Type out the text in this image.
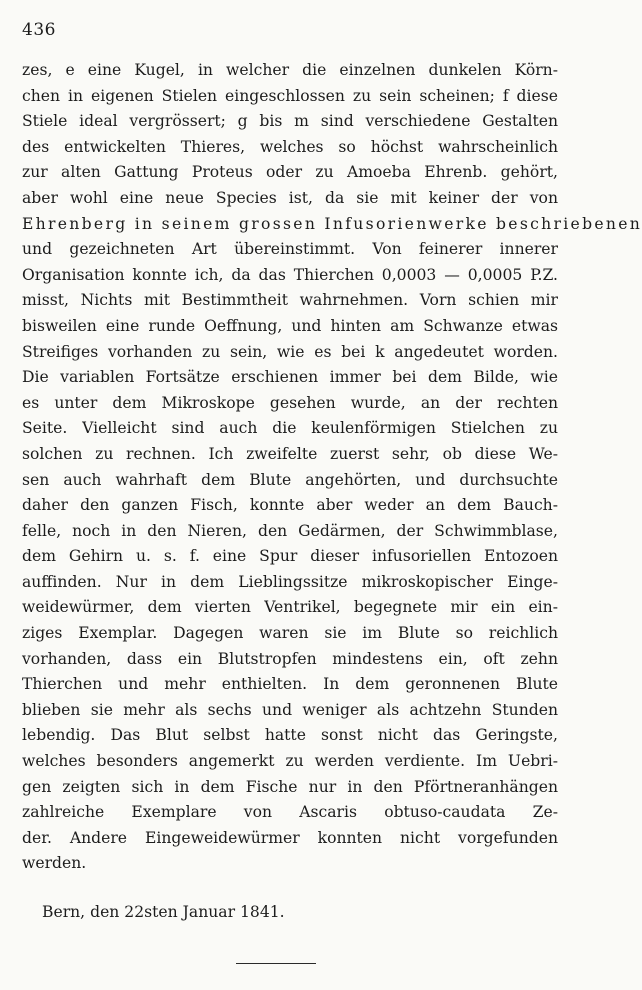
436
zes, e eine Kugel, in welcher die einzelnen dunkelen Körn-
chen in eigenen Stielen eingeschlossen zu sein scheinen; f diese
Stiele ideal vergrössert; g bis m sind verschiedene Gestalten
des entwickelten Thieres, welches so höchst wahrscheinlich
zur alten Gattung Proteus oder zu Amoeba Ehrenb. gehört,
aber wohl eine neue Species ist, da sie mit keiner der von
Ehrenberg in seinem grossen Infusorienwerke beschriebenen
und gezeichneten Art übereinstimmt. Von feinerer innerer
Organisation konnte ich, da das Thierchen 0,0003 — 0,0005 P.Z.
misst, Nichts mit Bestimmtheit wahrnehmen. Vorn schien mir
bisweilen eine runde Oeffnung, und hinten am Schwanze etwas
Streifiges vorhanden zu sein, wie es bei k angedeutet worden.
Die variablen Fortsätze erschienen immer bei dem Bilde, wie
es unter dem Mikroskope gesehen wurde, an der rechten
Seite. Vielleicht sind auch die keulenförmigen Stielchen zu
solchen zu rechnen. Ich zweifelte zuerst sehr, ob diese We-
sen auch wahrhaft dem Blute angehörten, und durchsuchte
daher den ganzen Fisch, konnte aber weder an dem Bauch-
felle, noch in den Nieren, den Gedärmen, der Schwimmblase,
dem Gehirn u. s. f. eine Spur dieser infusoriellen Entozoen
auffinden. Nur in dem Lieblingssitze mikroskopischer Einge-
weidewürmer, dem vierten Ventrikel, begegnete mir ein ein-
ziges Exemplar. Dagegen waren sie im Blute so reichlich
vorhanden, dass ein Blutstropfen mindestens ein, oft zehn
Thierchen und mehr enthielten. In dem geronnenen Blute
blieben sie mehr als sechs und weniger als achtzehn Stunden
lebendig. Das Blut selbst hatte sonst nicht das Geringste,
welches besonders angemerkt zu werden verdiente. Im Uebri-
gen zeigten sich in dem Fische nur in den Pförtneranhängen
zahlreiche Exemplare von Ascaris obtuso-caudata Ze-
der. Andere Eingeweidewürmer konnten nicht vorgefunden
werden.
Bern, den 22sten Januar 1841.
